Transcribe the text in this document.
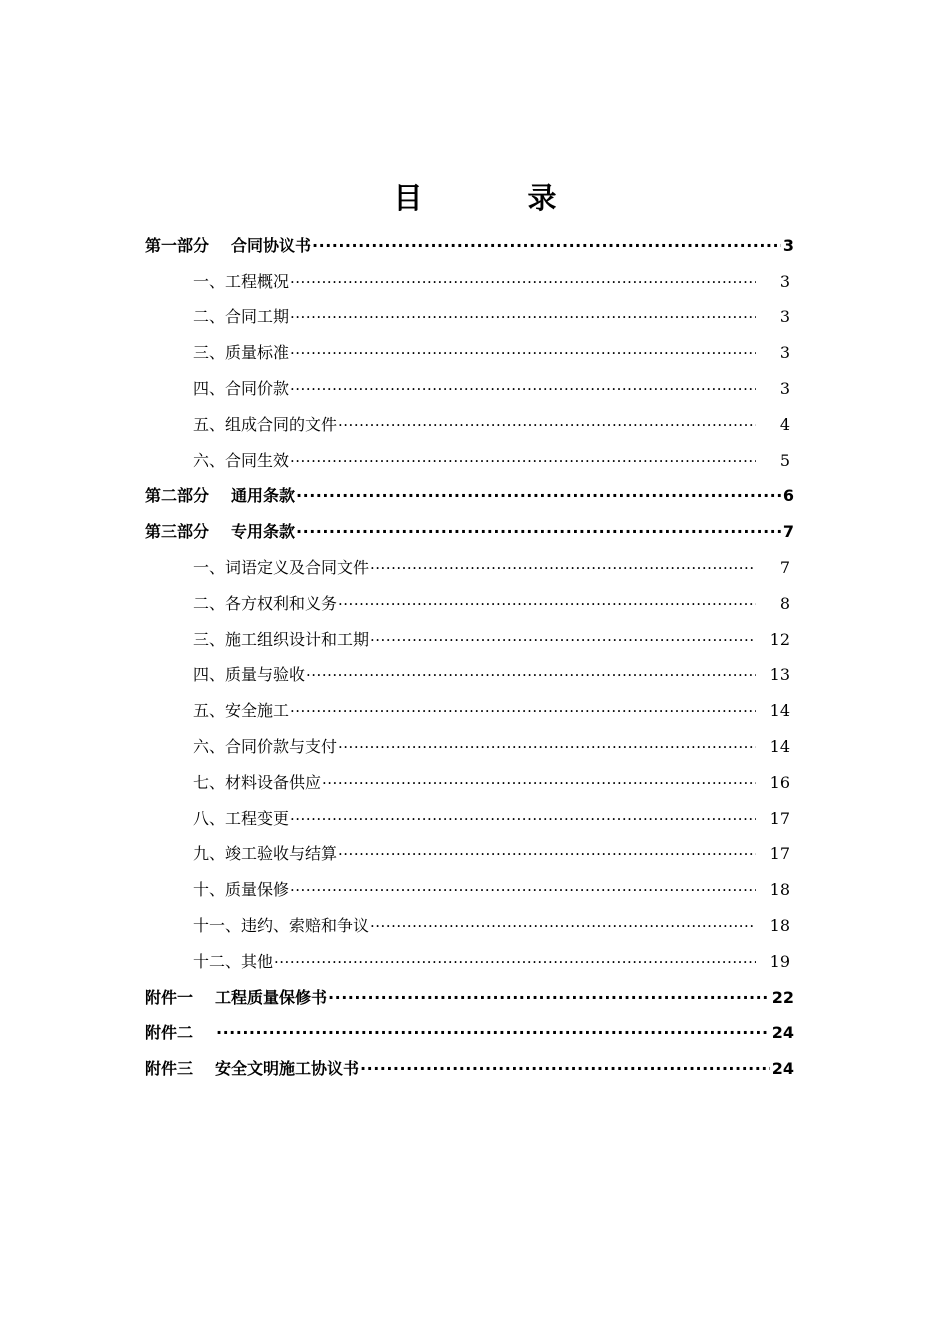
目　录
第一部分 合同协议书 ·····	3
一、工程概况 ·····	3
二、合同工期 ·····	3
三、质量标准 ·····	3
四、合同价款 ·····	3
五、组成合同的文件 ·····	4
六、合同生效 ·····	5
第二部分 通用条款 ·····	6
第三部分 专用条款 ·····	7
一、词语定义及合同文件 ·····	7
二、各方权利和义务 ·····	8
三、施工组织设计和工期 ·····	12
四、质量与验收 ·····	13
五、安全施工 ·····	14
六、合同价款与支付 ·····	14
七、材料设备供应 ·····	16
八、工程变更 ·····	17
九、竣工验收与结算 ·····	17
十、质量保修 ·····	18
十一、违约、索赔和争议 ·····	18
十二、其他 ·····	19
附件一 工程质量保修书 ·····	22
附件二 ·····	24
附件三 安全文明施工协议书 ·····	24
